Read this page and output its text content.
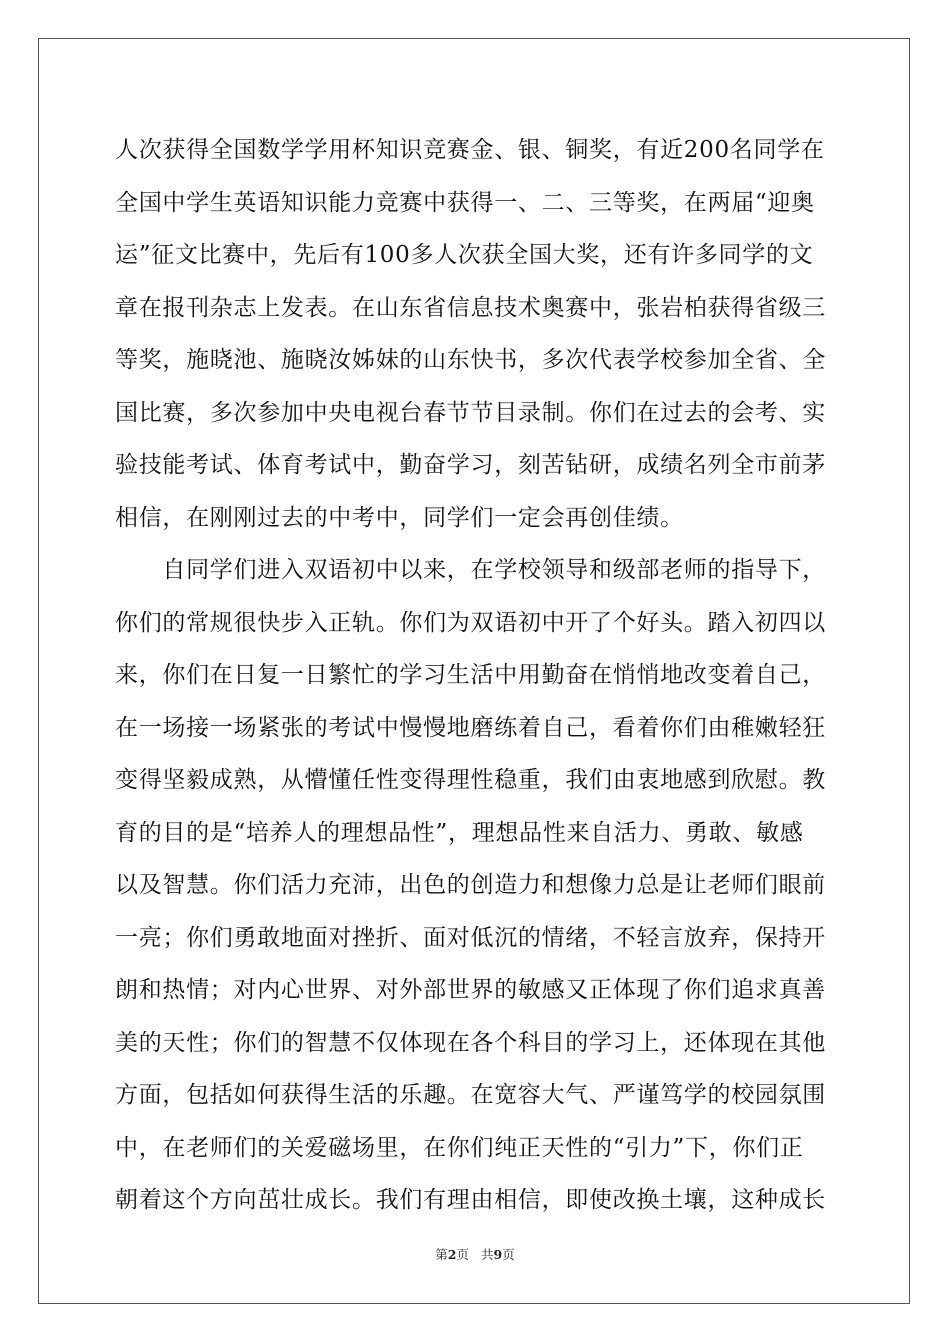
人次获得全国数学学用杯知识竞赛金、银、铜奖，有近200名同学在
全国中学生英语知识能力竞赛中获得一、二、三等奖，在两届“迎奥
运”征文比赛中，先后有100多人次获全国大奖，还有许多同学的文
章在报刊杂志上发表。在山东省信息技术奥赛中，张岩柏获得省级三
等奖，施晓池、施晓汝姊妹的山东快书，多次代表学校参加全省、全
国比赛，多次参加中央电视台春节节目录制。你们在过去的会考、实
验技能考试、体育考试中，勤奋学习，刻苦钻研，成绩名列全市前茅
相信，在刚刚过去的中考中，同学们一定会再创佳绩。

　　自同学们进入双语初中以来，在学校领导和级部老师的指导下，
你们的常规很快步入正轨。你们为双语初中开了个好头。踏入初四以
来，你们在日复一日繁忙的学习生活中用勤奋在悄悄地改变着自己，
在一场接一场紧张的考试中慢慢地磨练着自己，看着你们由稚嫩轻狂
变得坚毅成熟，从懵懂任性变得理性稳重，我们由衷地感到欣慰。教
育的目的是“培养人的理想品性”，理想品性来自活力、勇敢、敏感
以及智慧。你们活力充沛，出色的创造力和想像力总是让老师们眼前
一亮；你们勇敢地面对挫折、面对低沉的情绪，不轻言放弃，保持开
朗和热情；对内心世界、对外部世界的敏感又正体现了你们追求真善
美的天性；你们的智慧不仅体现在各个科目的学习上，还体现在其他
方面，包括如何获得生活的乐趣。在宽容大气、严谨笃学的校园氛围
中，在老师们的关爱磁场里，在你们纯正天性的“引力”下，你们正
朝着这个方向茁壮成长。我们有理由相信，即使改换土壤，这种成长

第2页 共9页
